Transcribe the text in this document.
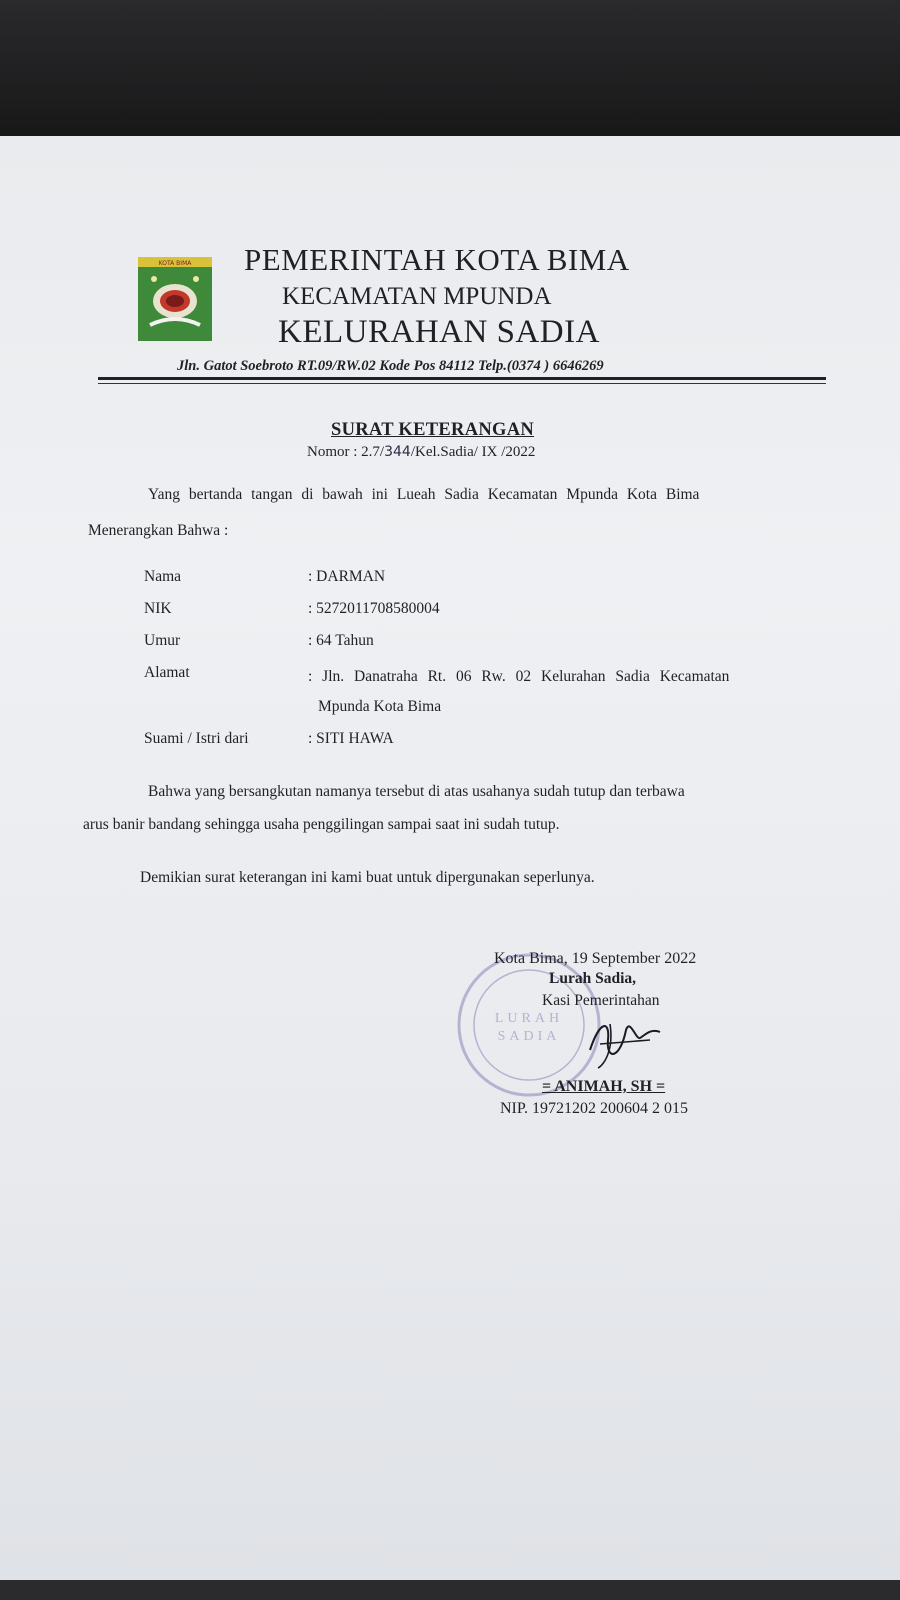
KOTA BIMA PEMERINTAH KOTA BIMA
KECAMATAN MPUNDA
KELURAHAN SADIA
Jln. Gatot Soebroto RT.09/RW.02 Kode Pos 84112 Telp.(0374 ) 6646269
SURAT KETERANGAN
Nomor : 2.7/344/Kel.Sadia/ IX /2022
Yang bertanda tangan di bawah ini Lueah Sadia Kecamatan Mpunda Kota Bima
Menerangkan Bahwa :
Nama	: DARMAN
NIK	: 5272011708580004
Umur	: 64 Tahun
Alamat	: Jln. Danatraha Rt. 06 Rw. 02 Kelurahan Sadia Kecamatan
Mpunda Kota Bima
Suami / Istri dari	: SITI HAWA
Bahwa yang bersangkutan namanya tersebut di atas usahanya sudah tutup dan terbawa
arus banir bandang sehingga usaha penggilingan sampai saat ini sudah tutup.
Demikian surat keterangan ini kami buat untuk dipergunakan seperlunya.
LURAH
SADIA
Kota Bima, 19 September 2022
Lurah Sadia,
Kasi Pemerintahan
= ANIMAH, SH =
NIP. 19721202 200604 2 015
